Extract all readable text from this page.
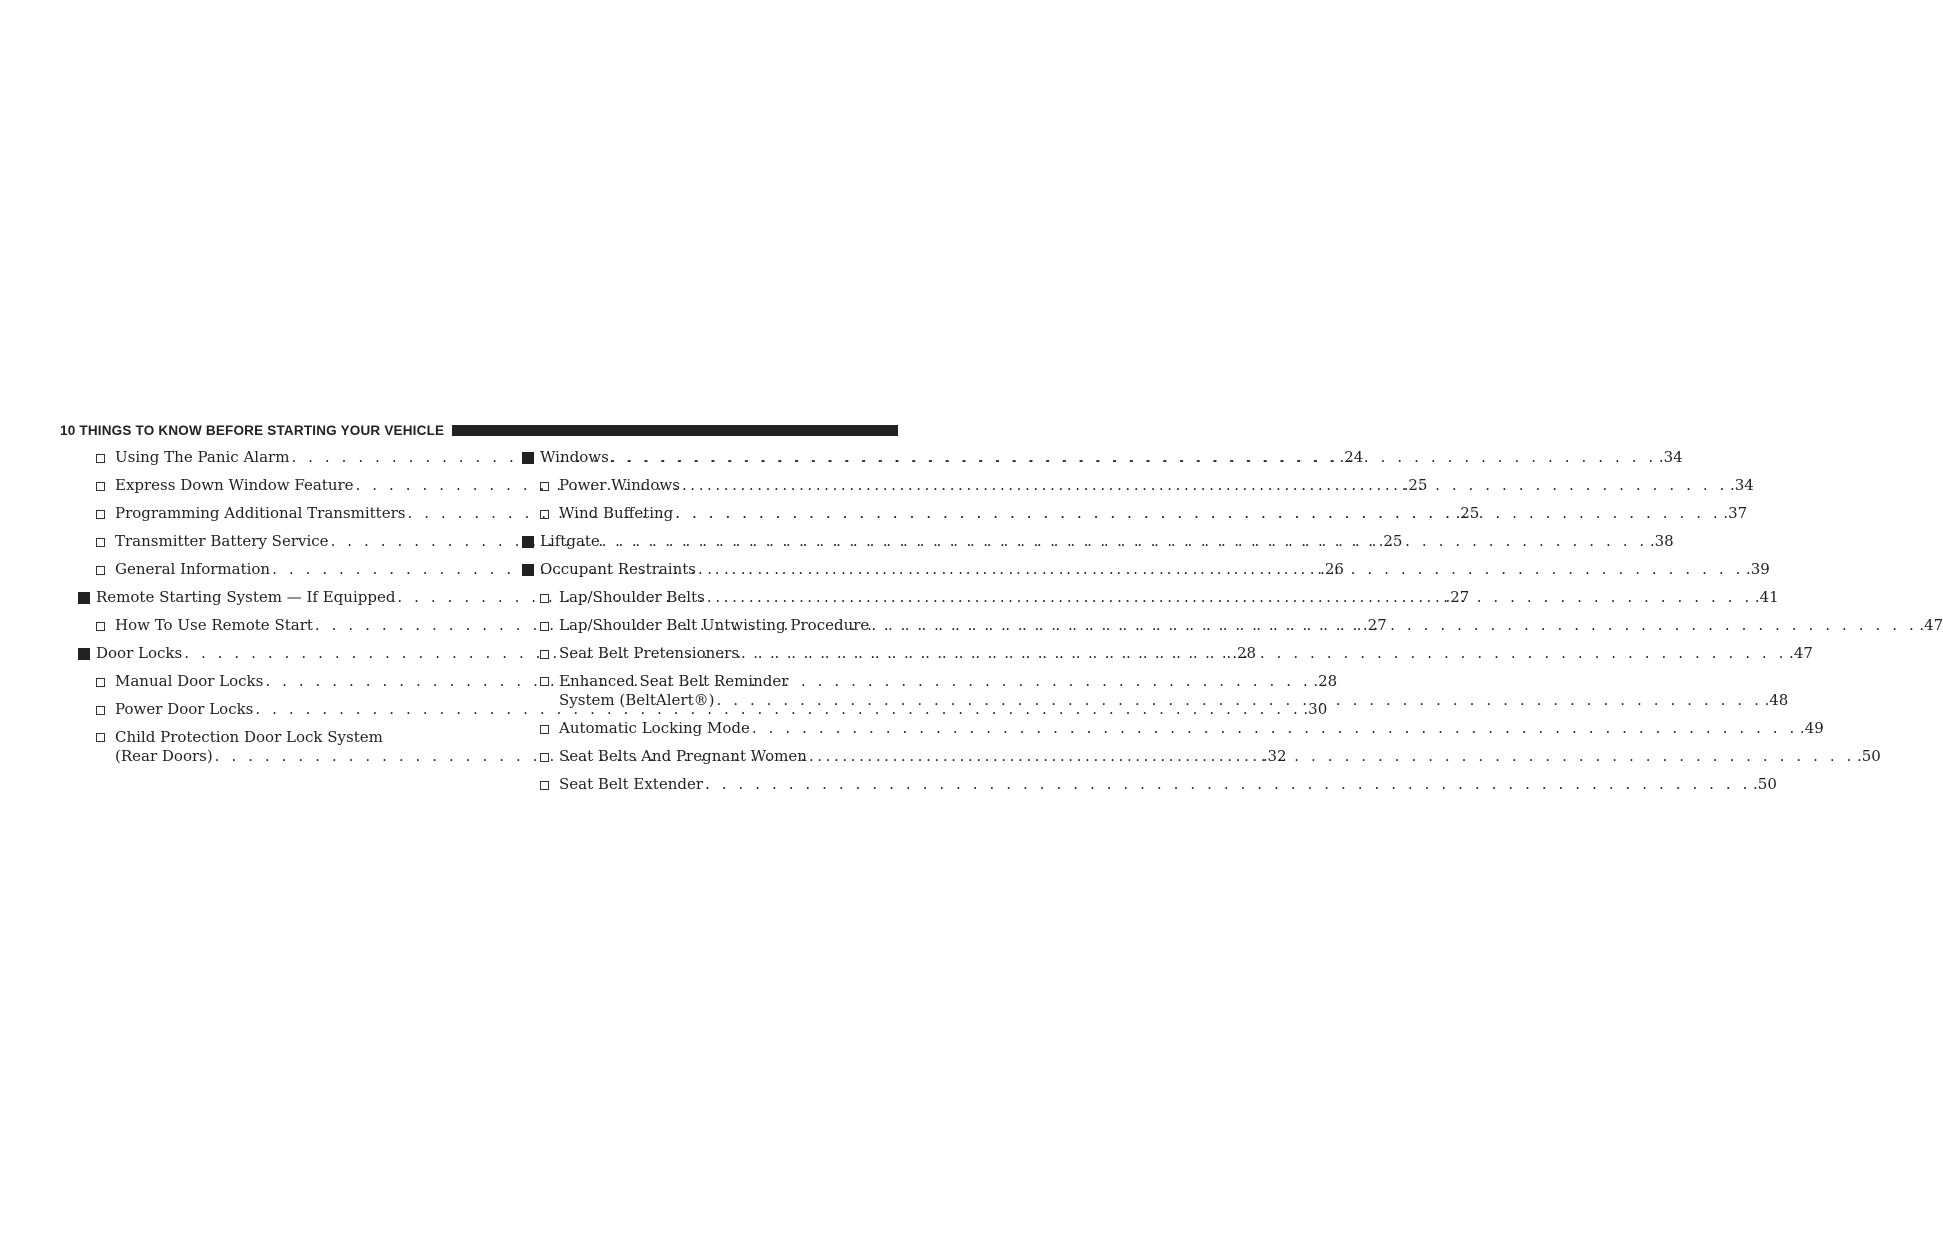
10 THINGS TO KNOW BEFORE STARTING YOUR VEHICLE
Using The Panic Alarm . . .	.24
Express Down Window Feature . . .	.25
Programming Additional Transmitters . . .	.25
Transmitter Battery Service . . .	.25
General Information . . .	.26
Remote Starting System — If Equipped . . .	.27
How To Use Remote Start . . .	.27
Door Locks . . .	.28
Manual Door Locks . . .	.28
Power Door Locks . . .	.30
Child Protection Door Lock System
(Rear Doors) . . .	.32
Windows . . .	.34
Power Windows . . .	.34
Wind Buffeting . . .	.37
Liftgate . . .	.38
Occupant Restraints . . .	.39
Lap/Shoulder Belts . . .	.41
Lap/Shoulder Belt Untwisting Procedure . . .	.47
Seat Belt Pretensioners . . .	.47
Enhanced Seat Belt Reminder
System (BeltAlert®) . . .	.48
Automatic Locking Mode . . .	.49
Seat Belts And Pregnant Women . . .	.50
Seat Belt Extender . . .	.50
